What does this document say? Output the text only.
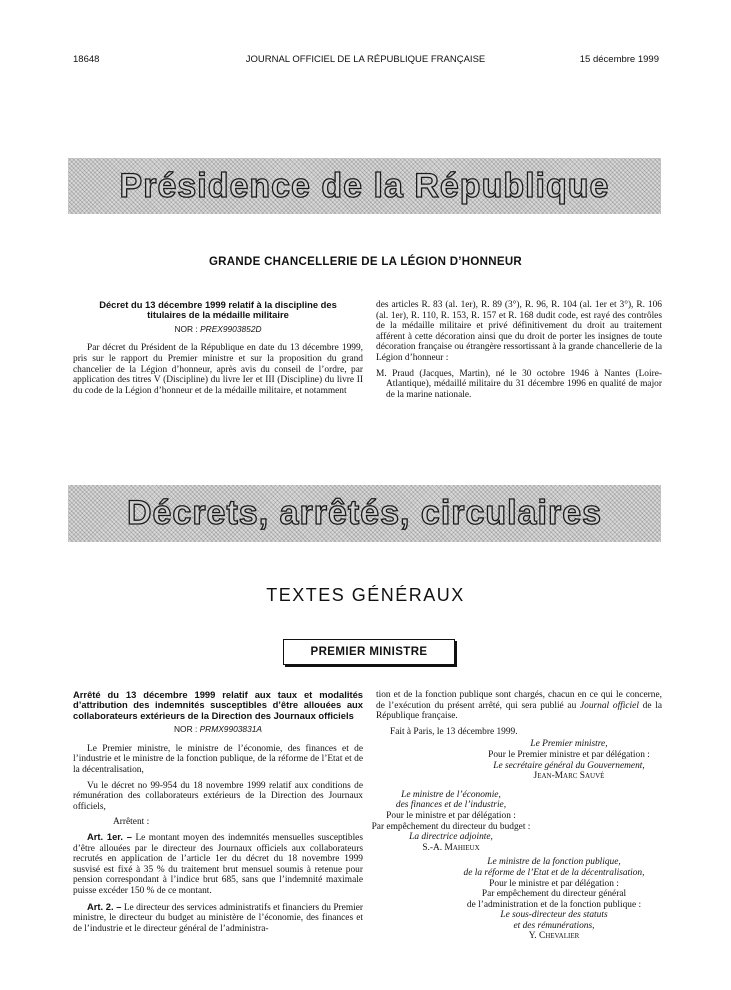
18648	JOURNAL OFFICIEL DE LA RÉPUBLIQUE FRANÇAISE	15 décembre 1999
Présidence de la République
GRANDE CHANCELLERIE DE LA LÉGION D’HONNEUR
Décret du 13 décembre 1999 relatif à la discipline des titulaires de la médaille militaire
NOR : PREX9903852D

Par décret du Président de la République en date du 13 décembre 1999, pris sur le rapport du Premier ministre et sur la proposition du grand chancelier de la Légion d’honneur, après avis du conseil de l’ordre, par application des titres V (Discipline) du livre Ier et III (Discipline) du livre II du code de la Légion d’honneur et de la médaille militaire, et notamment

des articles R. 83 (al. 1er), R. 89 (3°), R. 96, R. 104 (al. 1er et 3°), R. 106 (al. 1er), R. 110, R. 153, R. 157 et R. 168 dudit code, est rayé des contrôles de la médaille militaire et privé définitivement du droit au traitement afférent à cette décoration ainsi que du droit de porter les insignes de toute décoration française ou étrangère ressortissant à la grande chancellerie de la Légion d’honneur :

M. Praud (Jacques, Martin), né le 30 octobre 1946 à Nantes (Loire-Atlantique), médaillé militaire du 31 décembre 1996 en qualité de major de la marine nationale.

Décrets, arrêtés, circulaires
TEXTES GÉNÉRAUX
PREMIER MINISTRE
Arrêté du 13 décembre 1999 relatif aux taux et modalités d’attribution des indemnités susceptibles d’être allouées aux collaborateurs extérieurs de la Direction des Journaux officiels
NOR : PRMX9903831A

Le Premier ministre, le ministre de l’économie, des finances et de l’industrie et le ministre de la fonction publique, de la réforme de l’Etat et de la décentralisation,

Vu le décret no 99-954 du 18 novembre 1999 relatif aux conditions de rémunération des collaborateurs extérieurs de la Direction des Journaux officiels,

Arrêtent :

Art. 1er. – Le montant moyen des indemnités mensuelles susceptibles d’être allouées par le directeur des Journaux officiels aux collaborateurs recrutés en application de l’article 1er du décret du 18 novembre 1999 susvisé est fixé à 35 % du traitement brut mensuel soumis à retenue pour pension correspondant à l’indice brut 685, sans que l’indemnité maximale puisse excéder 150 % de ce montant.

Art. 2. – Le directeur des services administratifs et financiers du Premier ministre, le directeur du budget au ministère de l’économie, des finances et de l’industrie et le directeur général de l’administra-

tion et de la fonction publique sont chargés, chacun en ce qui le concerne, de l’exécution du présent arrêté, qui sera publié au Journal officiel de la République française.

Fait à Paris, le 13 décembre 1999.

Le Premier ministre,
Pour le Premier ministre et par délégation :
Le secrétaire général du Gouvernement,
Jean-Marc Sauvé
Le ministre de l’économie,
des finances et de l’industrie,
Pour le ministre et par délégation :
Par empêchement du directeur du budget :
La directrice adjointe,
S.-A. Mahieux
Le ministre de la fonction publique,
de la réforme de l’Etat et de la décentralisation,
Pour le ministre et par délégation :
Par empêchement du directeur général
de l’administration et de la fonction publique :
Le sous-directeur des statuts
et des rémunérations,
Y. Chevalier
